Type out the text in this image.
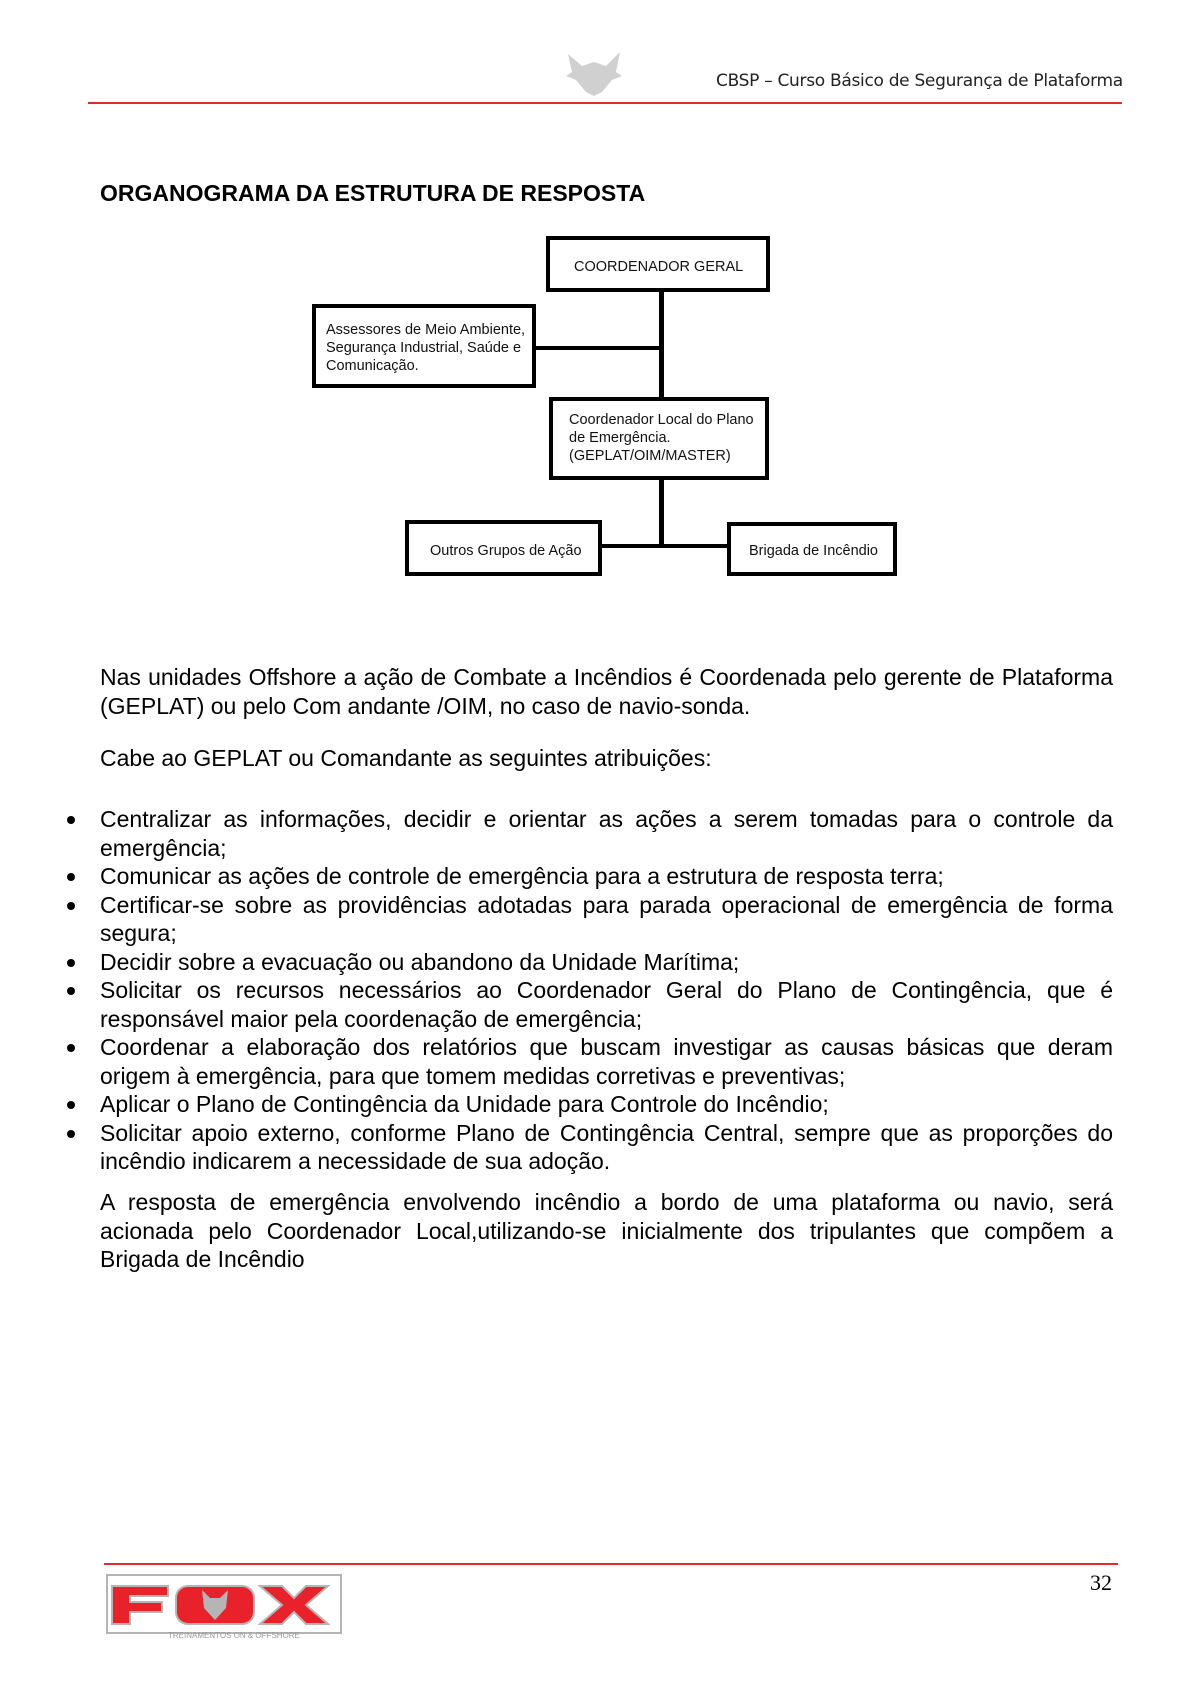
CBSP – Curso Básico de Segurança de Plataforma
ORGANOGRAMA DA ESTRUTURA DE RESPOSTA
COORDENADOR GERAL
Assessores de Meio Ambiente,
Segurança Industrial, Saúde e
Comunicação.
Coordenador Local do Plano
de Emergência.
(GEPLAT/OIM/MASTER)
Outros Grupos de Ação	Brigada de Incêndio
Nas unidades Offshore a ação de Combate a Incêndios é Coordenada pelo gerente de Plataforma (GEPLAT) ou pelo Com andante /OIM, no caso de navio-sonda.
Cabe ao GEPLAT ou Comandante as seguintes atribuições:
Centralizar as informações, decidir e orientar as ações a serem tomadas para o controle da emergência;
Comunicar as ações de controle de emergência para a estrutura de resposta terra;
Certificar-se sobre as providências adotadas para parada operacional de emergência de forma segura;
Decidir sobre a evacuação ou abandono da Unidade Marítima;
Solicitar os recursos necessários ao Coordenador Geral do Plano de Contingência, que é responsável maior pela coordenação de emergência;
Coordenar a elaboração dos relatórios que buscam investigar as causas básicas que deram origem à emergência, para que tomem medidas corretivas e preventivas;
Aplicar o Plano de Contingência da Unidade para Controle do Incêndio;
Solicitar apoio externo, conforme Plano de Contingência Central, sempre que as proporções do incêndio indicarem a necessidade de sua adoção.
A resposta de emergência envolvendo incêndio a bordo de uma plataforma ou navio, será acionada pelo Coordenador Local,utilizando-se inicialmente dos tripulantes que compõem a Brigada de Incêndio
TREINAMENTOS ON & OFFSHORE
32
